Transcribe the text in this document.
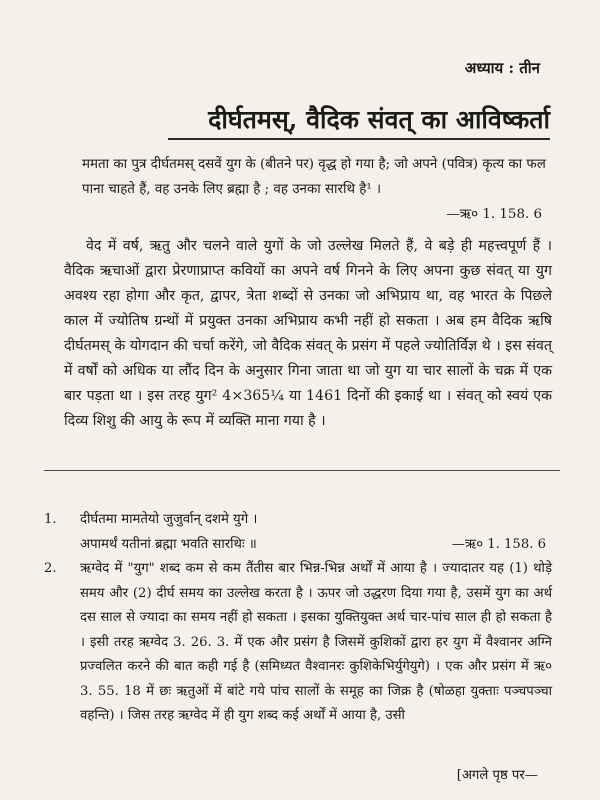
अध्याय : तीन
दीर्घतमस्, वैदिक संवत् का आविष्कर्ता
ममता का पुत्र दीर्घतमस् दसवें युग के (बीतने पर) वृद्ध हो गया है; जो अपने (पवित्र) कृत्य का फल पाना चाहते हैं, वह उनके लिए ब्रह्मा है ; वह उनका सारथि है¹ ।
—ऋ० 1. 158. 6

वेद में वर्ष, ऋतु और चलने वाले युगों के जो उल्लेख मिलते हैं, वे बड़े ही महत्त्वपूर्ण हैं । वैदिक ऋचाओं द्वारा प्रेरणाप्राप्त कवियों का अपने वर्ष गिनने के लिए अपना कुछ संवत् या युग अवश्य रहा होगा और कृत, द्वापर, त्रेता शब्दों से उनका जो अभिप्राय था, वह भारत के पिछले काल में ज्योतिष ग्रन्थों में प्रयुक्त उनका अभिप्राय कभी नहीं हो सकता । अब हम वैदिक ऋषि दीर्घतमस् के योगदान की चर्चा करेंगे, जो वैदिक संवत् के प्रसंग में पहले ज्योतिर्विज्ञ थे । इस संवत् में वर्षों को अधिक या लौंद दिन के अनुसार गिना जाता था जो युग या चार सालों के चक्र में एक बार पड़ता था । इस तरह युग² 4×365¼ या 1461 दिनों की इकाई था । संवत् को स्वयं एक दिव्य शिशु की आयु के रूप में व्यक्ति माना गया है ।

1.	दीर्घतमा मामतेयो जुजुर्वान् दशमे युगे ।
अपामर्थं यतीनां ब्रह्मा भवति सारथिः ॥	—ऋ० 1. 158. 6
2.	ऋग्वेद में "युग" शब्द कम से कम तैंतीस बार भिन्न-भिन्न अर्थों में आया है । ज्यादातर यह (1) थोड़े समय और (2) दीर्घ समय का उल्लेख करता है । ऊपर जो उद्धरण दिया गया है, उसमें युग का अर्थ दस साल से ज्यादा का समय नहीं हो सकता । इसका युक्तियुक्त अर्थ चार-पांच साल ही हो सकता है । इसी तरह ऋग्वेद 3. 26. 3. में एक और प्रसंग है जिसमें कुशिकों द्वारा हर युग में वैश्वानर अग्नि प्रज्वलित करने की बात कही गई है (समिध्यत वैश्वानरः कुशिकेभिर्युगेयुगे) । एक और प्रसंग में ऋ० 3. 55. 18 में छः ऋतुओं में बांटे गये पांच सालों के समूह का जिक्र है (षोळहा युक्ताः पञ्चपञ्चा वहन्ति) । जिस तरह ऋग्वेद में ही युग शब्द कई अर्थों में आया है, उसी
[अगले पृष्ठ पर—
